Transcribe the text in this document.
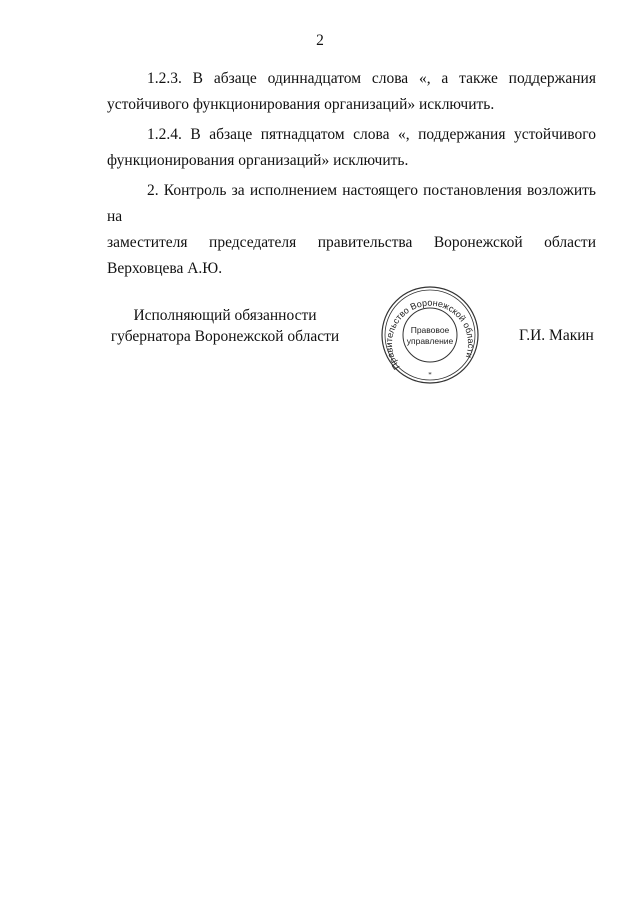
2

1.2.3. В абзаце одиннадцатом слова «, а также поддержания устойчивого функционирования организаций» исключить.

1.2.4. В абзаце пятнадцатом слова «, поддержания устойчивого функционирования организаций» исключить.

2. Контроль за исполнением настоящего постановления возложить на

заместителя председателя правительства Воронежской области

Верховцева А.Ю.

Исполняющий обязанности
губернатора Воронежской области
Правительство Воронежской области
Правовое
управление
*
Г.И. Макин
